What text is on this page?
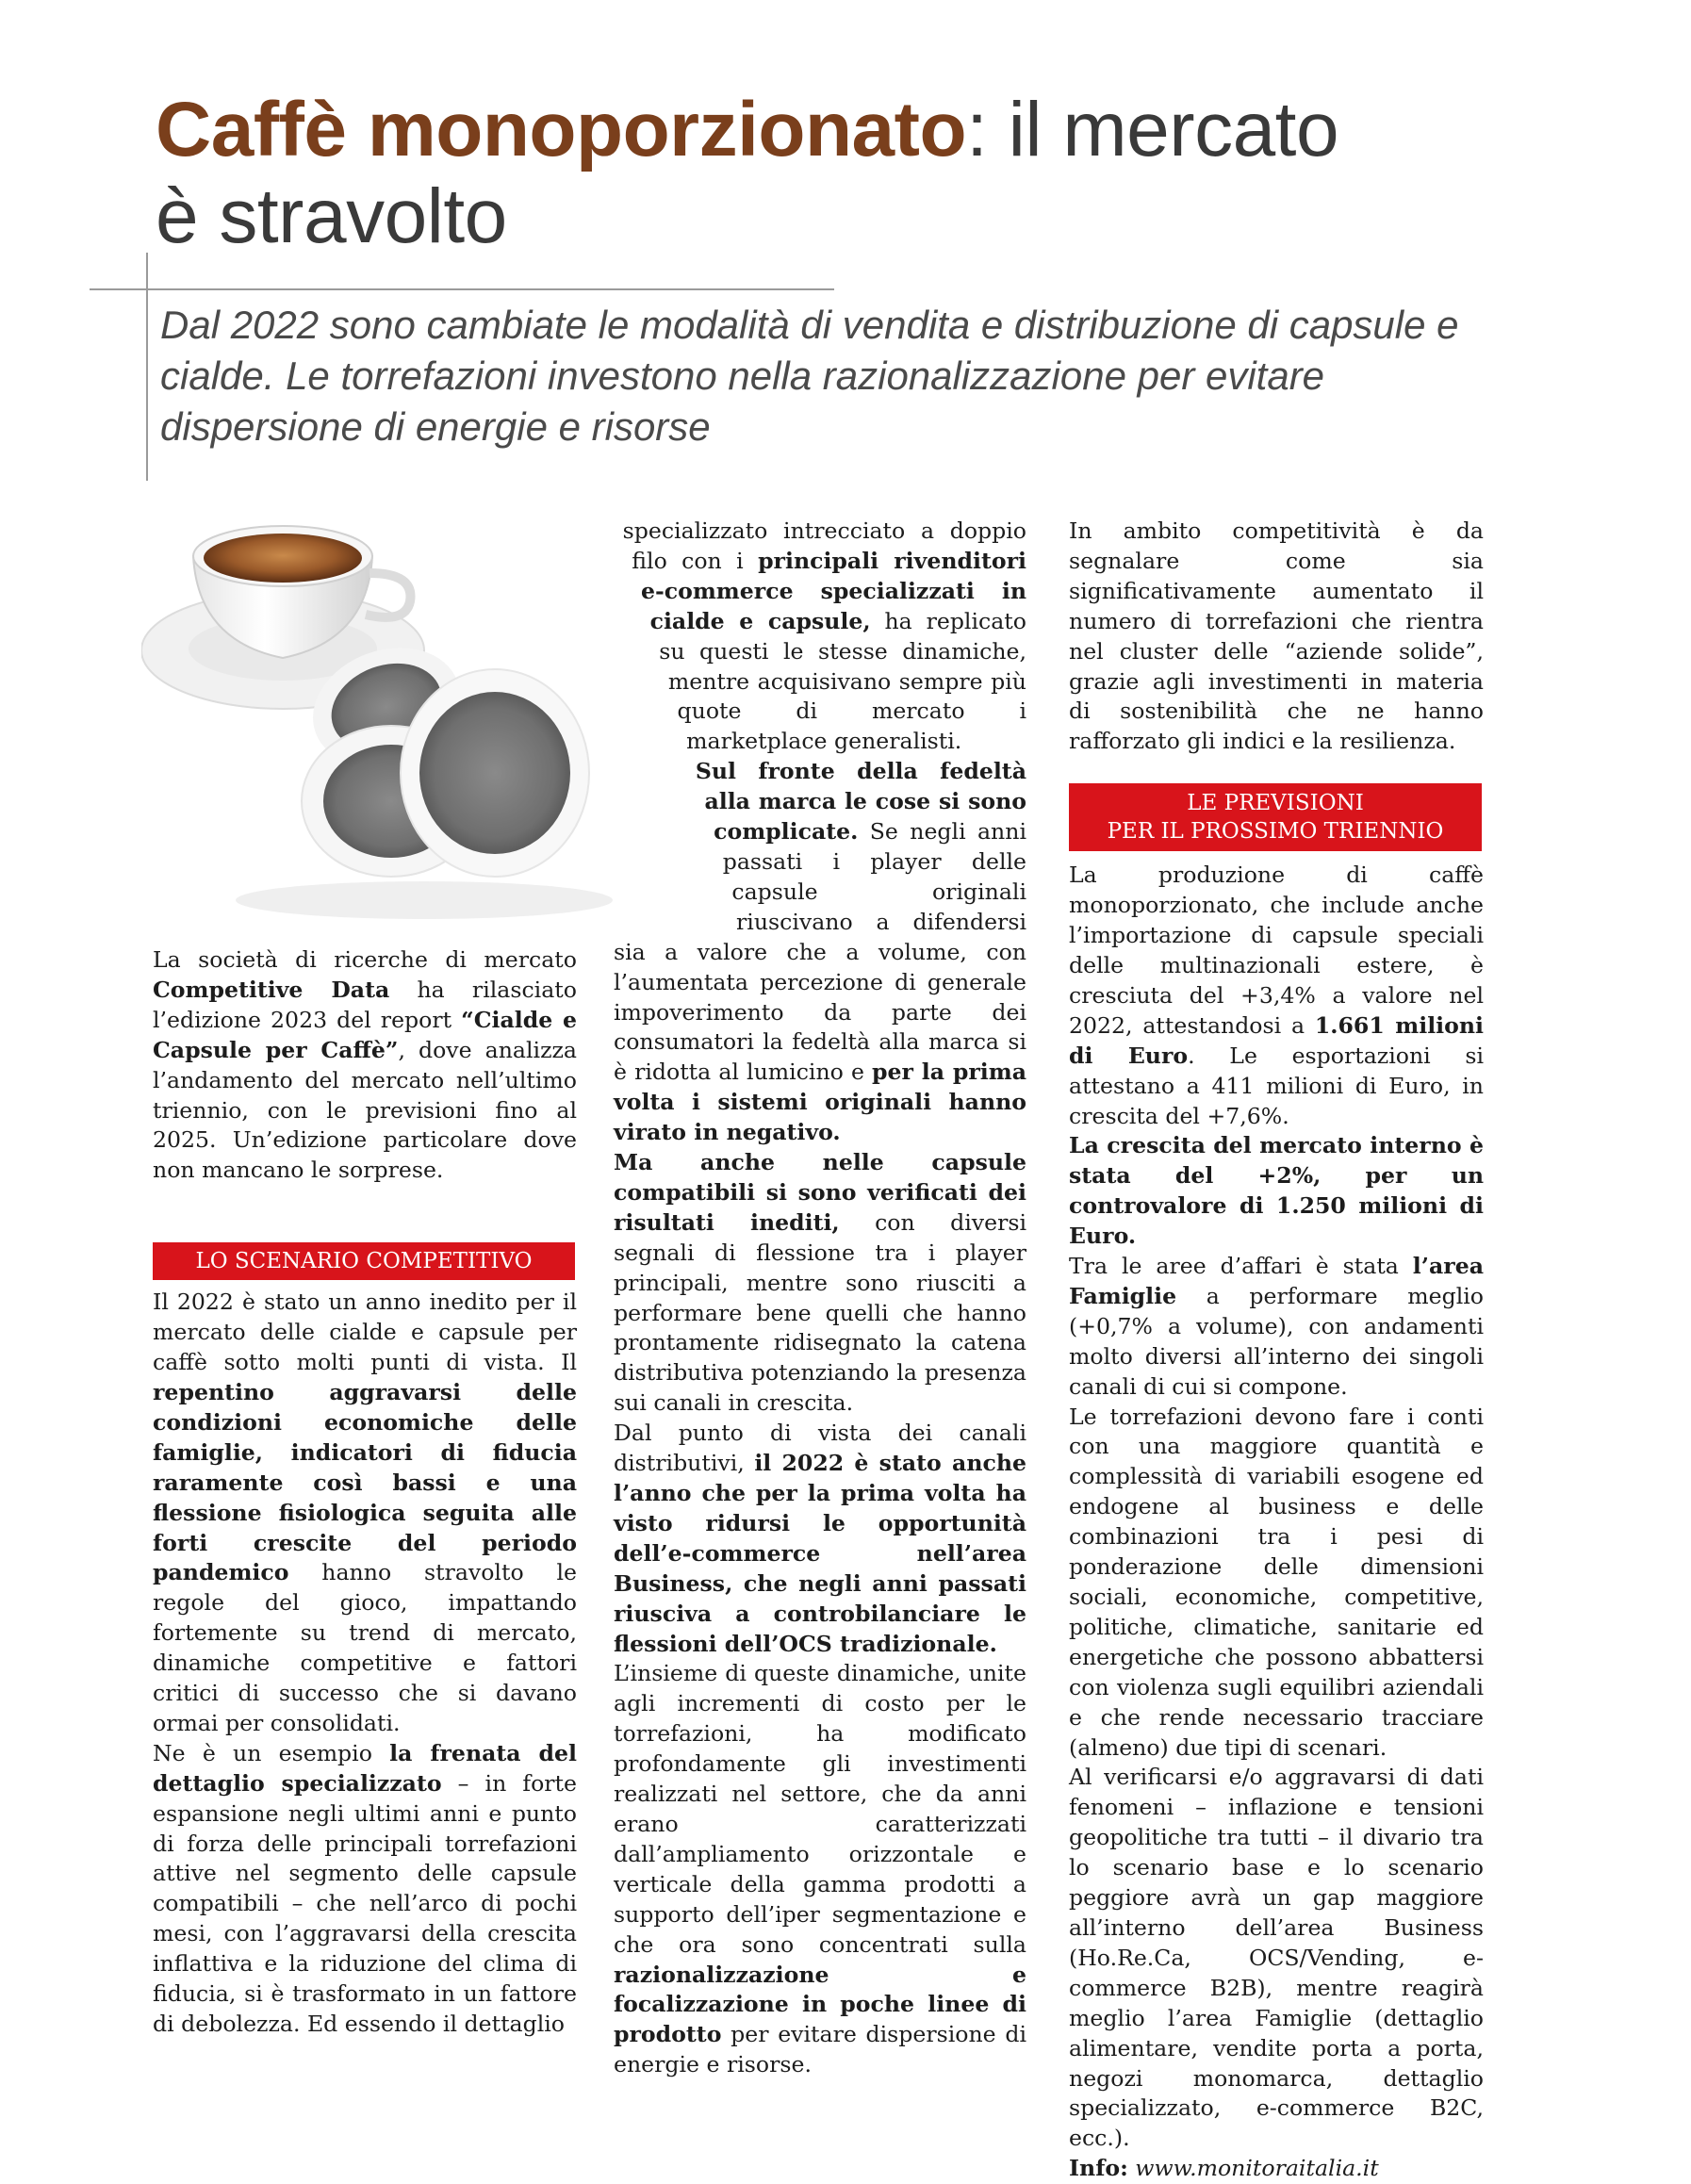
Caffè monoporzionato: il mercato
è stravolto

Dal 2022 sono cambiate le modalità di vendita e distribuzione di capsule e cialde. Le torrefazioni investono nella razionalizzazione per evitare dispersione di energie e risorse

La società di ricerche di mercato Competitive Data ha rilasciato l’edizione 2023 del report “Cialde e Capsule per Caffè”, dove analizza l’andamento del mercato nell’ultimo triennio, con le previsioni fino al 2025. Un’edizione particolare dove non mancano le sorprese.

LO SCENARIO COMPETITIVO

Il 2022 è stato un anno inedito per il mercato delle cialde e capsule per caffè sotto molti punti di vista. Il repentino aggravarsi delle condizioni economiche delle famiglie, indicatori di fiducia raramente così bassi e una flessione fisiologica seguita alle forti crescite del periodo pandemico hanno stravolto le regole del gioco, impattando fortemente su trend di mercato, dinamiche competitive e fattori critici di successo che si davano ormai per consolidati.

Ne è un esempio la frenata del dettaglio specializzato – in forte espansione negli ultimi anni e punto di forza delle principali torrefazioni attive nel segmento delle capsule compatibili – che nell’arco di pochi mesi, con l’aggravarsi della crescita inflattiva e la riduzione del clima di fiducia, si è trasformato in un fattore di debolezza. Ed essendo il dettaglio

specializzato intrecciato a doppio filo con i principali rivenditori e-commerce specializzati in cialde e capsule, ha replicato su questi le stesse dinamiche, mentre acquisivano sempre più quote di mercato i marketplace generalisti.

Sul fronte della fedeltà alla marca le cose si sono complicate. Se negli anni passati i player delle capsule originali riuscivano a difendersi sia a valore che a volume, con l’aumentata percezione di generale impoverimento da parte dei consumatori la fedeltà alla marca si è ridotta al lumicino e per la prima volta i sistemi originali hanno virato in negativo.

Ma anche nelle capsule compatibili si sono verificati dei risultati inediti, con diversi segnali di flessione tra i player principali, mentre sono riusciti a performare bene quelli che hanno prontamente ridisegnato la catena distributiva potenziando la presenza sui canali in crescita.

Dal punto di vista dei canali distributivi, il 2022 è stato anche l’anno che per la prima volta ha visto ridursi le opportunità dell’e-commerce nell’area Business, che negli anni passati riusciva a controbilanciare le flessioni dell’OCS tradizionale.

L’insieme di queste dinamiche, unite agli incrementi di costo per le torrefazioni, ha modificato profondamente gli investimenti realizzati nel settore, che da anni erano caratterizzati dall’ampliamento orizzontale e verticale della gamma prodotti a supporto dell’iper segmentazione e che ora sono concentrati sulla razionalizzazione e focalizzazione in poche linee di prodotto per evitare dispersione di energie e risorse.

In ambito competitività è da segnalare come sia significativamente aumentato il numero di torrefazioni che rientra nel cluster delle “aziende solide”, grazie agli investimenti in materia di sostenibilità che ne hanno rafforzato gli indici e la resilienza.

LE PREVISIONI
PER IL PROSSIMO TRIENNIO

La produzione di caffè monoporzionato, che include anche l’importazione di capsule speciali delle multinazionali estere, è cresciuta del +3,4% a valore nel 2022, attestandosi a 1.661 milioni di Euro. Le esportazioni si attestano a 411 milioni di Euro, in crescita del +7,6%.

La crescita del mercato interno è stata del +2%, per un controvalore di 1.250 milioni di Euro.

Tra le aree d’affari è stata l’area Famiglie a performare meglio (+0,7% a volume), con andamenti molto diversi all’interno dei singoli canali di cui si compone.

Le torrefazioni devono fare i conti con una maggiore quantità e complessità di variabili esogene ed endogene al business e delle combinazioni tra i pesi di ponderazione delle dimensioni sociali, economiche, competitive, politiche, climatiche, sanitarie ed energetiche che possono abbattersi con violenza sugli equilibri aziendali e che rende necessario tracciare (almeno) due tipi di scenari.

Al verificarsi e/o aggravarsi di dati fenomeni – inflazione e tensioni geopolitiche tra tutti – il divario tra lo scenario base e lo scenario peggiore avrà un gap maggiore all’interno dell’area Business (Ho.Re.Ca, OCS/Vending, e-commerce B2B), mentre reagirà meglio l’area Famiglie (dettaglio alimentare, vendite porta a porta, negozi monomarca, dettaglio specializzato, e-commerce B2C, ecc.).

Info: www.monitoraitalia.it
